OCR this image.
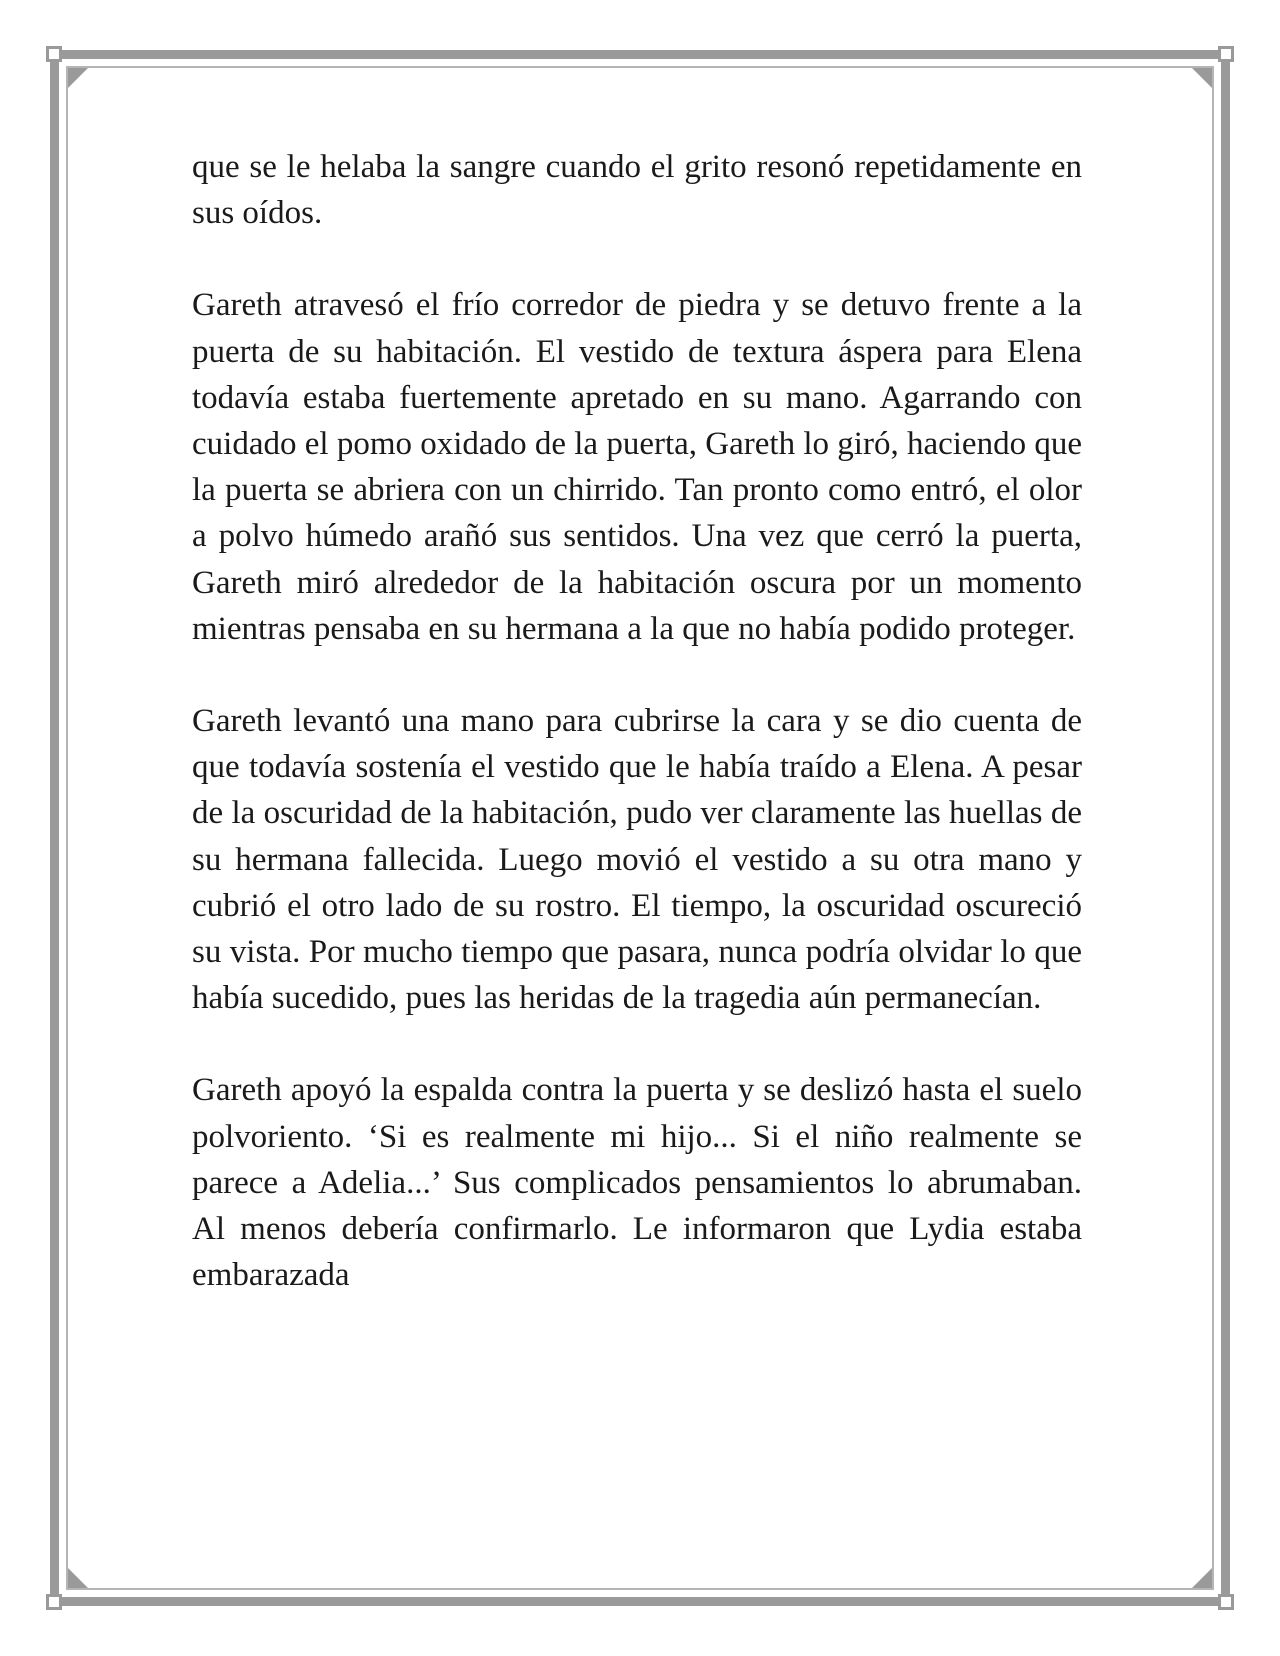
que se le helaba la sangre cuando el grito resonó repetidamente en sus oídos.

Gareth atravesó el frío corredor de piedra y se detuvo frente a la puerta de su habitación. El vestido de textura áspera para Elena todavía estaba fuertemente apretado en su mano. Agarrando con cuidado el pomo oxidado de la puerta, Gareth lo giró, haciendo que la puerta se abriera con un chirrido. Tan pronto como entró, el olor a polvo húmedo arañó sus sentidos. Una vez que cerró la puerta, Gareth miró alrededor de la habitación oscura por un momento mientras pensaba en su hermana a la que no había podido proteger.

Gareth levantó una mano para cubrirse la cara y se dio cuenta de que todavía sostenía el vestido que le había traído a Elena. A pesar de la oscuridad de la habitación, pudo ver claramente las huellas de su hermana fallecida. Luego movió el vestido a su otra mano y cubrió el otro lado de su rostro. El tiempo, la oscuridad oscureció su vista. Por mucho tiempo que pasara, nunca podría olvidar lo que había sucedido, pues las heridas de la tragedia aún permanecían.

Gareth apoyó la espalda contra la puerta y se deslizó hasta el suelo polvoriento. ‘Si es realmente mi hijo... Si el niño realmente se parece a Adelia...’ Sus complicados pensamientos lo abrumaban. Al menos debería confirmarlo. Le informaron que Lydia estaba embarazada
